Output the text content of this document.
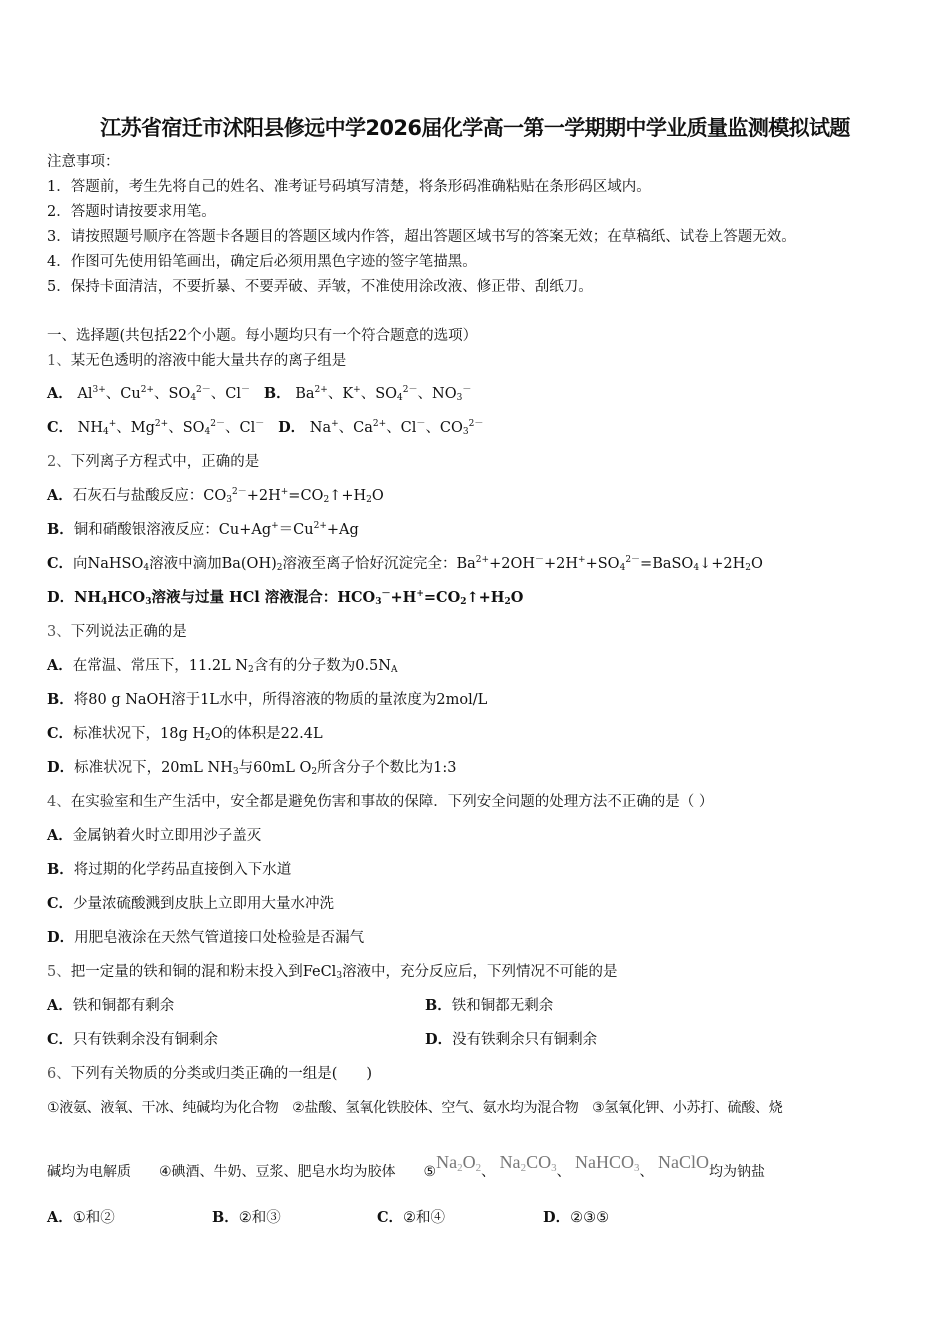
江苏省宿迁市沭阳县修远中学2026届化学高一第一学期期中学业质量监测模拟试题
注意事项：
1．答题前，考生先将自己的姓名、准考证号码填写清楚，将条形码准确粘贴在条形码区域内。
2．答题时请按要求用笔。
3．请按照题号顺序在答题卡各题目的答题区域内作答，超出答题区域书写的答案无效；在草稿纸、试卷上答题无效。
4．作图可先使用铅笔画出，确定后必须用黑色字迹的签字笔描黑。
5．保持卡面清洁，不要折暴、不要弄破、弄皱，不准使用涂改液、修正带、刮纸刀。
一、选择题(共包括22个小题。每小题均只有一个符合题意的选项）
1、某无色透明的溶液中能大量共存的离子组是
A． $Al^{3+}$、$Cu^{2+}$、$SO_4^{2-}$、Cl－ B． $Ba^{2+}$、K+、$SO_4^{2-}$、$NO_3^-$
C． $NH_4^+$、$Mg^{2+}$、$SO_4^{2-}$、Cl－ D． Na+、$Ca^{2+}$、Cl－、$CO_3^{2-}$
2、下列离子方程式中，正确的是
A．石灰石与盐酸反应：$CO_3^{2-}+2H^+=CO_2↑+H_2O$
B．铜和硝酸银溶液反应：$Cu+Ag^+=Cu^{2+}+Ag$
C．向NaHSO$_4$溶液中滴加$Ba(OH)_2$溶液至离子恰好沉淀完全：$Ba^{2+}+2OH^-+2H^++SO_4^{2-}=BaSO_4↓+2H_2O$
D．$NH_4HCO_3$溶液与过量 HCl 溶液混合：$HCO_3^-+H^+=CO_2↑+H_2O$
3、下列说法正确的是
A．在常温、常压下，11.2L $N_2$含有的分子数为$0.5N_A$
B．将80 g NaOH溶于1L水中，所得溶液的物质的量浓度为2mol/L
C．标准状况下，18g $H_2O$的体积是22.4L
D．标准状况下，20mL $NH_3$与60mL $O_2$所含分子个数比为1:3
4、在实验室和生产生活中，安全都是避免伤害和事故的保障．下列安全问题的处理方法不正确的是（ ）
A．金属钠着火时立即用沙子盖灭
B．将过期的化学药品直接倒入下水道
C．少量浓硫酸溅到皮肤上立即用大量水冲洗
D．用肥皂液涂在天然气管道接口处检验是否漏气
5、把一定量的铁和铜的混和粉末投入到FeCl$_3$溶液中，充分反应后，下列情况不可能的是
A．铁和铜都有剩余	B．铁和铜都无剩余
C．只有铁剩余没有铜剩余	D．没有铁剩余只有铜剩余
6、下列有关物质的分类或归类正确的一组是(　　)
①液氨、液氧、干冰、纯碱均为化合物　②盐酸、氢氧化铁胶体、空气、氨水均为混合物　③氢氧化钾、小苏打、硫酸、烧
碱均为电解质　　④碘酒、牛奶、豆浆、肥皂水均为胶体　　$⑤Na_2O_2$、 $Na_2CO_3$、 NaHCO$_3$、 NaClO均为钠盐
A．①和②	B．②和③	C．②和④	D．②③⑤
